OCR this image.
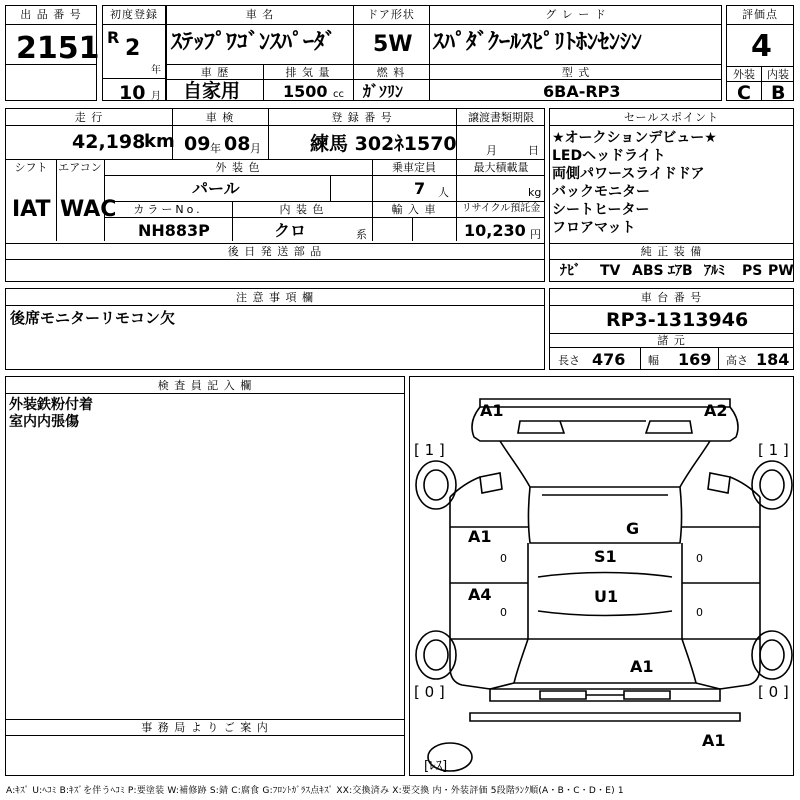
出 品 番 号
2151
初度登録
R 2
年
10 月
車 名	ドア形状	グ レ ー ド
ｽﾃｯﾌﾟﾜｺﾞﾝｽﾊﾟｰﾀﾞ 5W ｽﾊﾟﾀﾞｸｰﾙｽﾋﾟﾘﾄﾎﾝｾﾝｼﾝ
車 歴	排 気 量	燃 料	型 式
自家用	1500 cc ｶﾞｿﾘﾝ	6BA-RP3
評価点
4
外装	内装
C B
走 行	車 検	登 録 番 号	譲渡書類期限
42,198
km 09 年 08 月	練馬 302ﾈ1570	月	日
シフト エアコン	外 装 色	乗車定員	最大積載量
IAT WAC
パール	7 人	kg
カラーNo.	内 装 色	輸 入 車	リサイクル預託金
NH883P	クロ	系	10,230 円
後 日 発 送 部 品
セールスポイント
★オークションデビュー★
LEDヘッドライト
両側パワースライドドア
バックモニター
シートヒーター
フロアマット
純 正 装 備
ﾅﾋﾞ TV ABS ｴｱB ｱﾙﾐ PS PW
注 意 事 項 欄
後席モニターリモコン欠
車 台 番 号
RP3-1313946
諸 元
長さ 476 幅 169 高さ 184
検 査 員 記 入 欄
外装鉄粉付着
室内内張傷
事 務 局 よ り ご 案 内
A1	A2
[ 1 ]	[ 1 ]
G
A1
0	0
S1
A4
0	0
U1
A1
[ 0 ]	[ 0 ]
A1
[ﾚｽ]
A:ｷｽﾞ U:ﾍｺﾐ B:ｷｽﾞを伴うﾍｺﾐ P:要塗装 W:補修跡 S:錆 C:腐食 G:ﾌﾛﾝﾄｶﾞﾗｽ点ｷｽﾞ XX:交換済み X:要交換 内・外装評価 5段階ﾗﾝｸ順(A・B・C・D・E) 1
